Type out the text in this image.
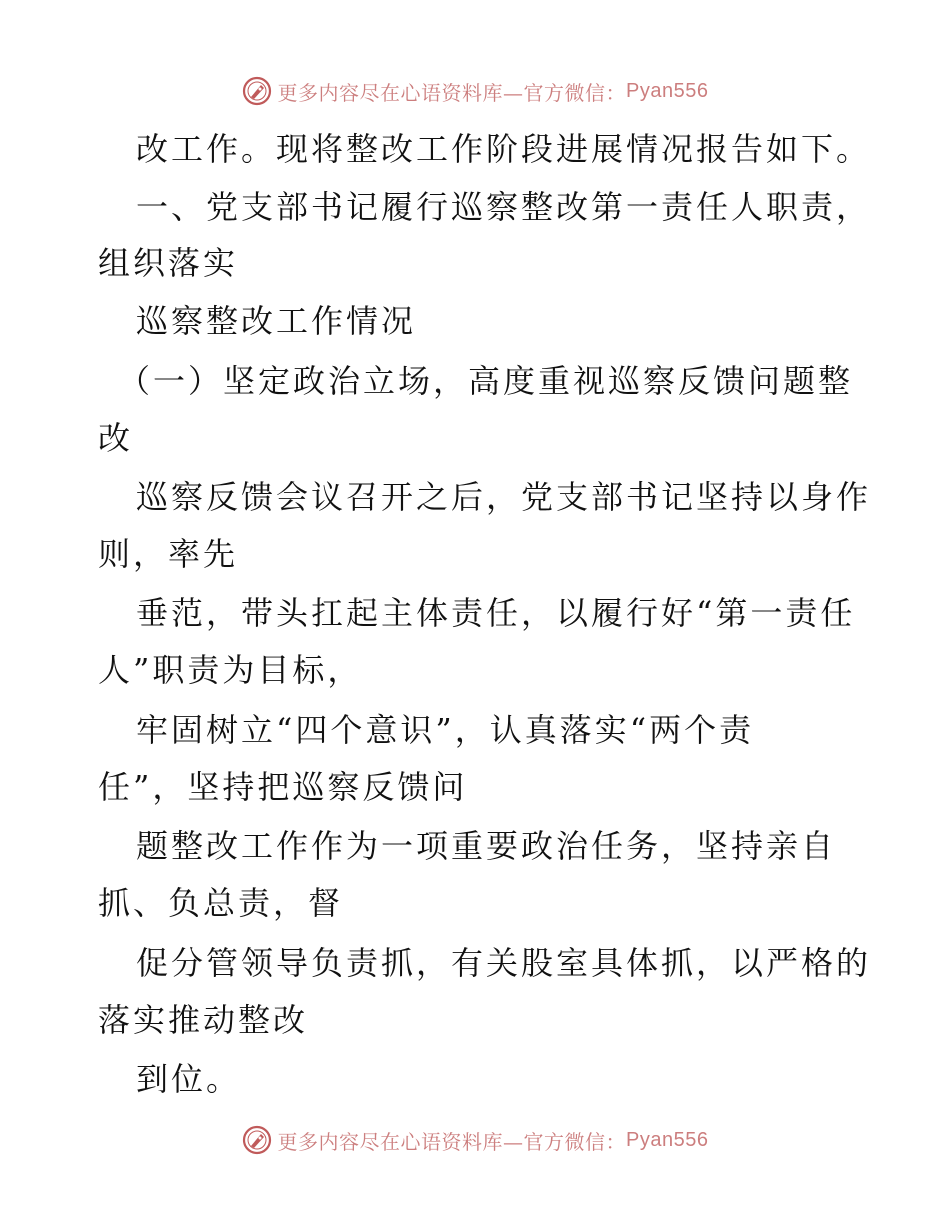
更多内容尽在心语资料库—官方微信： Pyan556
改工作。现将整改工作阶段进展情况报告如下。
一、党支部书记履行巡察整改第一责任人职责，
组织落实
巡察整改工作情况
（一）坚定政治立场，高度重视巡察反馈问题整
改
巡察反馈会议召开之后，党支部书记坚持以身作
则，率先
垂范，带头扛起主体责任，以履行好“第一责任
人”职责为目标，
牢固树立“四个意识”，认真落实“两个责
任”，坚持把巡察反馈问
题整改工作作为一项重要政治任务，坚持亲自
抓、负总责，督
促分管领导负责抓，有关股室具体抓，以严格的
落实推动整改
到位。
更多内容尽在心语资料库—官方微信： Pyan556
